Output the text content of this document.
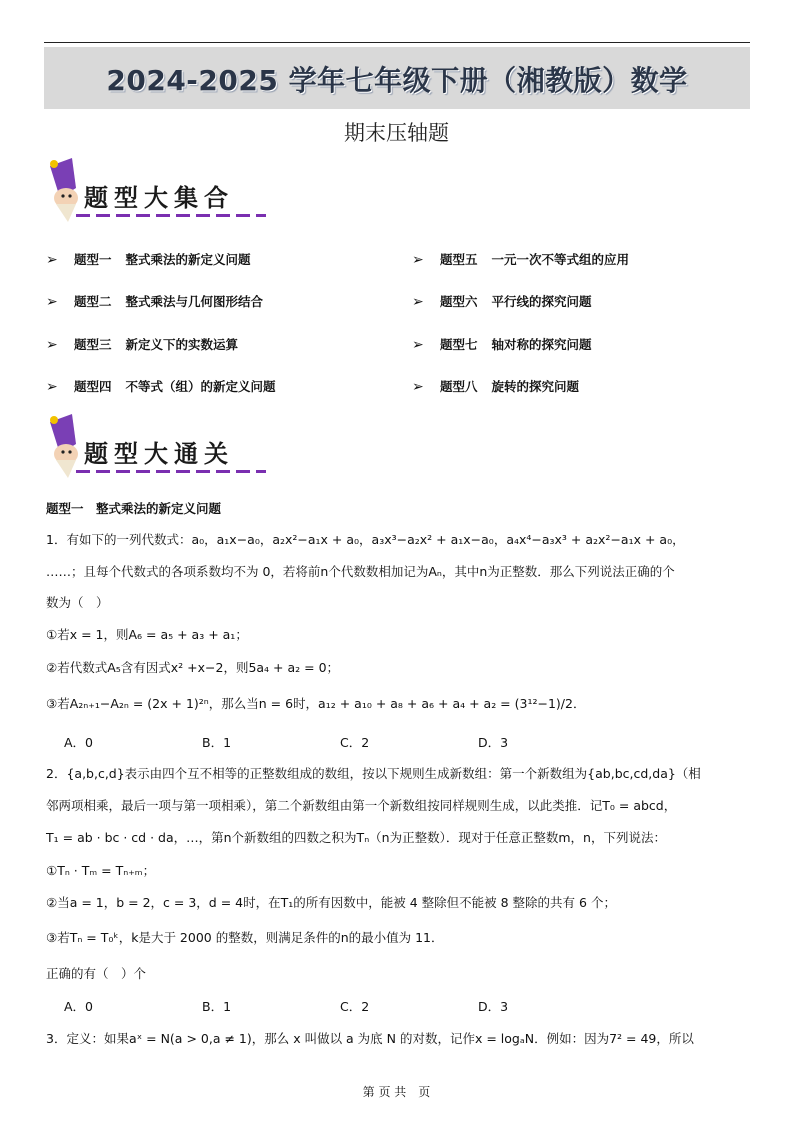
2024-2025 学年七年级下册（湘教版）数学
期末压轴题
题型大集合
➢ 题型一 整式乘法的新定义问题
➢ 题型二 整式乘法与几何图形结合
➢ 题型三 新定义下的实数运算
➢ 题型四 不等式（组）的新定义问题
➢ 题型五 一元一次不等式组的应用
➢ 题型六 平行线的探究问题
➢ 题型七 轴对称的探究问题
➢ 题型八 旋转的探究问题
题型大通关
题型一　整式乘法的新定义问题
1．有如下的一列代数式：a₀，a₁x−a₀，a₂x²−a₁x + a₀，a₃x³−a₂x² + a₁x−a₀，a₄x⁴−a₃x³ + a₂x²−a₁x + a₀，
……；且每个代数式的各项系数均不为 0，若将前n个代数数相加记为Aₙ，其中n为正整数．那么下列说法正确的个
数为（　）
①若x = 1，则A₆ = a₅ + a₃ + a₁；
②若代数式A₅含有因式x² +x−2，则5a₄ + a₂ = 0；
③若A₂ₙ₊₁−A₂ₙ = (2x + 1)²ⁿ，那么当n = 6时，a₁₂ + a₁₀ + a₈ + a₆ + a₄ + a₂ = (3¹²−1)/2．
A．0	B．1	C．2	D．3
2．{a,b,c,d}表示由四个互不相等的正整数组成的数组，按以下规则生成新数组：第一个新数组为{ab,bc,cd,da}（相
邻两项相乘，最后一项与第一项相乘），第二个新数组由第一个新数组按同样规则生成，以此类推．记T₀ = abcd，
T₁ = ab · bc · cd · da，…，第n个新数组的四数之积为Tₙ（n为正整数）．现对于任意正整数m，n，下列说法：
①Tₙ · Tₘ = Tₙ₊ₘ；
②当a = 1，b = 2，c = 3，d = 4时，在T₁的所有因数中，能被 4 整除但不能被 8 整除的共有 6 个；
③若Tₙ = T₀ᵏ，k是大于 2000 的整数，则满足条件的n的最小值为 11．
正确的有（　）个
A．0	B．1	C．2	D．3
3．定义：如果aˣ = N(a > 0,a ≠ 1)，那么 x 叫做以 a 为底 N 的对数，记作x = logₐN．例如：因为7² = 49，所以
第 页 共　页
